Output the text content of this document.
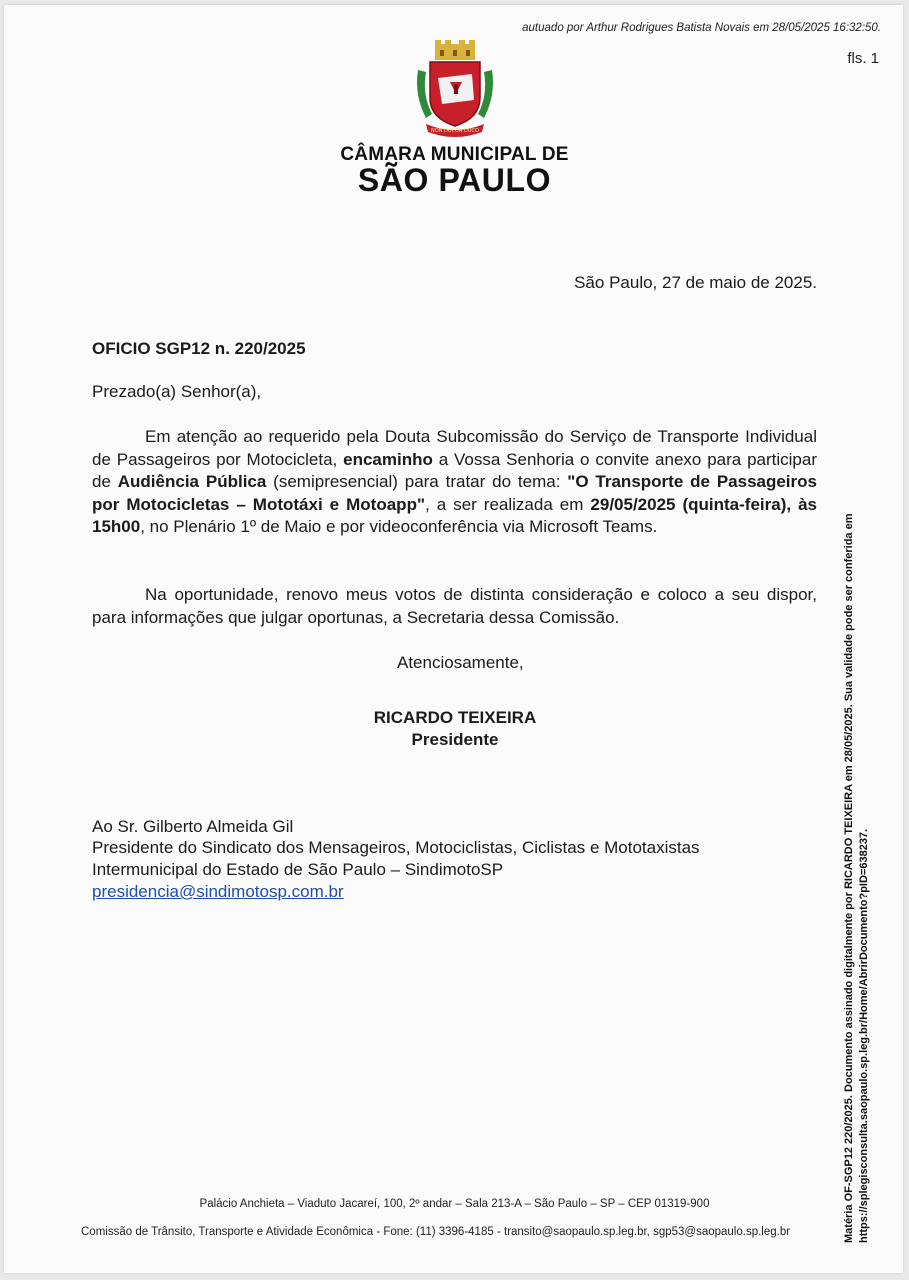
autuado por Arthur Rodrigues Batista Novais em 28/05/2025 16:32:50.
fls. 1
NON DUCOR DUCO
CÂMARA MUNICIPAL DE
SÃO PAULO
São Paulo, 27 de maio de 2025.
OFICIO SGP12 n. 220/2025
Prezado(a) Senhor(a),

Em atenção ao requerido pela Douta Subcomissão do Serviço de Transporte Individual de Passageiros por Motocicleta, encaminho a Vossa Senhoria o convite anexo para participar de Audiência Pública (semipresencial) para tratar do tema: "O Transporte de Passageiros por Motocicletas – Mototáxi e Motoapp", a ser realizada em 29/05/2025 (quinta-feira), às 15h00, no Plenário 1º de Maio e por videoconferência via Microsoft Teams.

Na oportunidade, renovo meus votos de distinta consideração e coloco a seu dispor, para informações que julgar oportunas, a Secretaria dessa Comissão.

Atenciosamente,
RICARDO TEIXEIRA
Presidente
Ao Sr. Gilberto Almeida Gil
Presidente do Sindicato dos Mensageiros, Motociclistas, Ciclistas e Mototaxistas
Intermunicipal do Estado de São Paulo – SindimotoSP
presidencia@sindimotosp.com.br
Palácio Anchieta – Viaduto Jacareí, 100, 2º andar – Sala 213-A – São Paulo – SP – CEP 01319-900
Comissão de Trânsito, Transporte e Atividade Econômica - Fone: (11) 3396-4185 - transito@saopaulo.sp.leg.br, sgp53@saopaulo.sp.leg.br	Matéria OF-SGP12 220/2025. Documento assinado digitalmente por RICARDO TEIXEIRA em 28/05/2025. Sua validade pode ser conferida em https://splegisconsulta.saopaulo.sp.leg.br/Home/AbrirDocumento?pID=638237.
